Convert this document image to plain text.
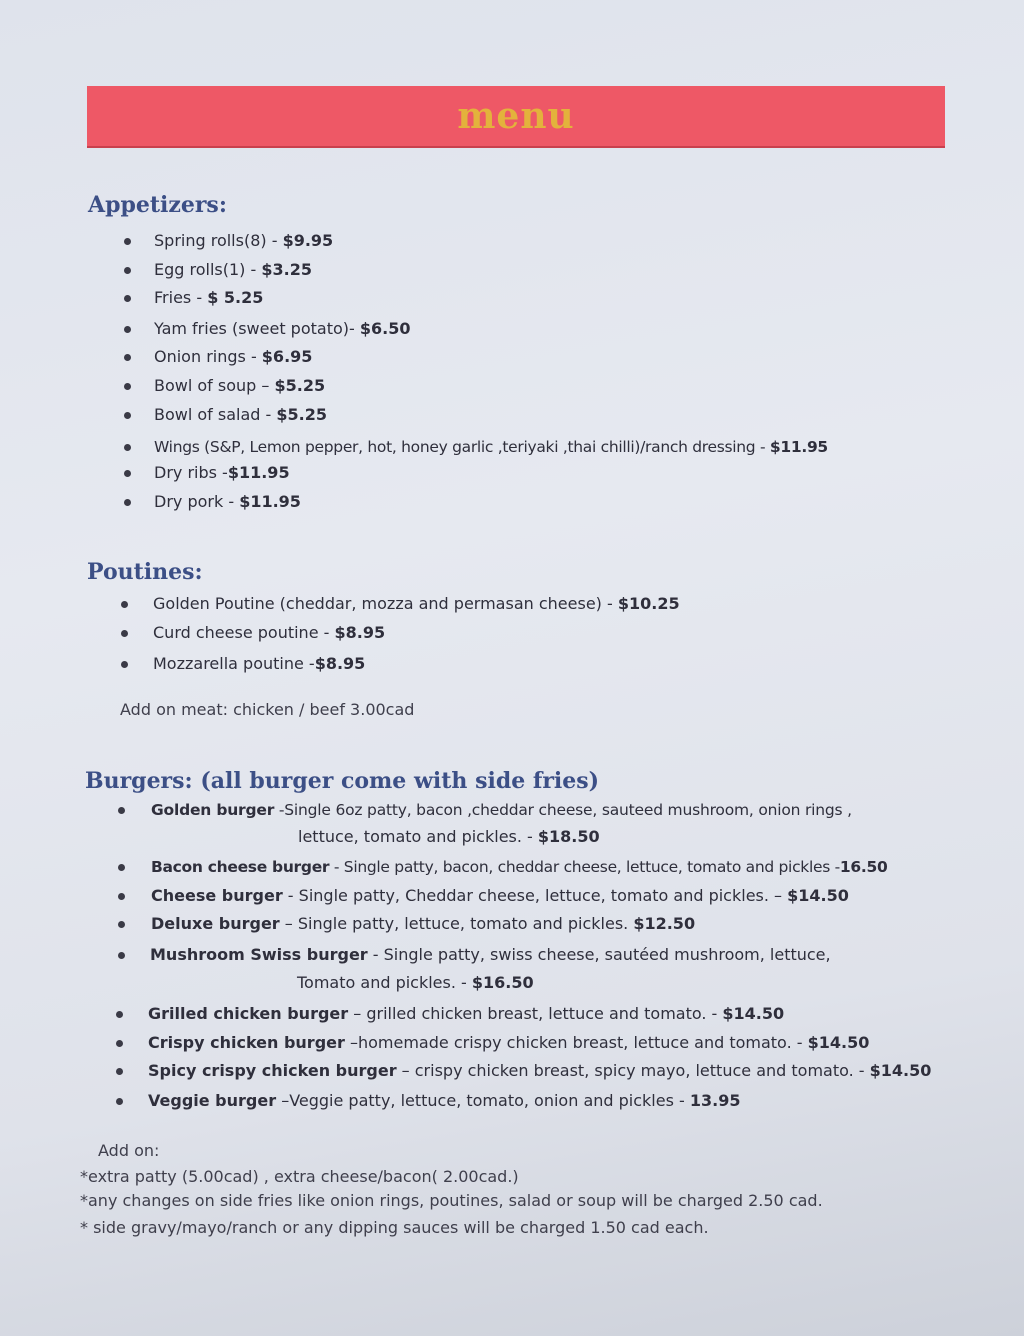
menu
Appetizers:
Spring rolls(8) - $9.95
Egg rolls(1) - $3.25
Fries - $ 5.25
Yam fries (sweet potato)- $6.50
Onion rings - $6.95
Bowl of soup – $5.25
Bowl of salad - $5.25
Wings (S&P, Lemon pepper, hot, honey garlic ,teriyaki ,thai chilli)/ranch dressing - $11.95
Dry ribs -$11.95
Dry pork - $11.95
Poutines:
Golden Poutine (cheddar, mozza and permasan cheese) - $10.25
Curd cheese poutine - $8.95
Mozzarella poutine -$8.95
Add on meat: chicken / beef 3.00cad
Burgers: (all burger come with side fries)
Golden burger -Single 6oz patty, bacon ,cheddar cheese, sauteed mushroom, onion rings ,
lettuce, tomato and pickles. - $18.50
Bacon cheese burger - Single patty, bacon, cheddar cheese, lettuce, tomato and pickles -16.50
Cheese burger - Single patty, Cheddar cheese, lettuce, tomato and pickles. – $14.50
Deluxe burger – Single patty, lettuce, tomato and pickles. $12.50
Mushroom Swiss burger - Single patty, swiss cheese, sautéed mushroom, lettuce,
Tomato and pickles. - $16.50
Grilled chicken burger – grilled chicken breast, lettuce and tomato. - $14.50
Crispy chicken burger –homemade crispy chicken breast, lettuce and tomato. - $14.50
Spicy crispy chicken burger – crispy chicken breast, spicy mayo, lettuce and tomato. - $14.50
Veggie burger –Veggie patty, lettuce, tomato, onion and pickles - 13.95
Add on:
*extra patty (5.00cad) , extra cheese/bacon( 2.00cad.)
*any changes on side fries like onion rings, poutines, salad or soup will be charged 2.50 cad.
* side gravy/mayo/ranch or any dipping sauces will be charged 1.50 cad each.
